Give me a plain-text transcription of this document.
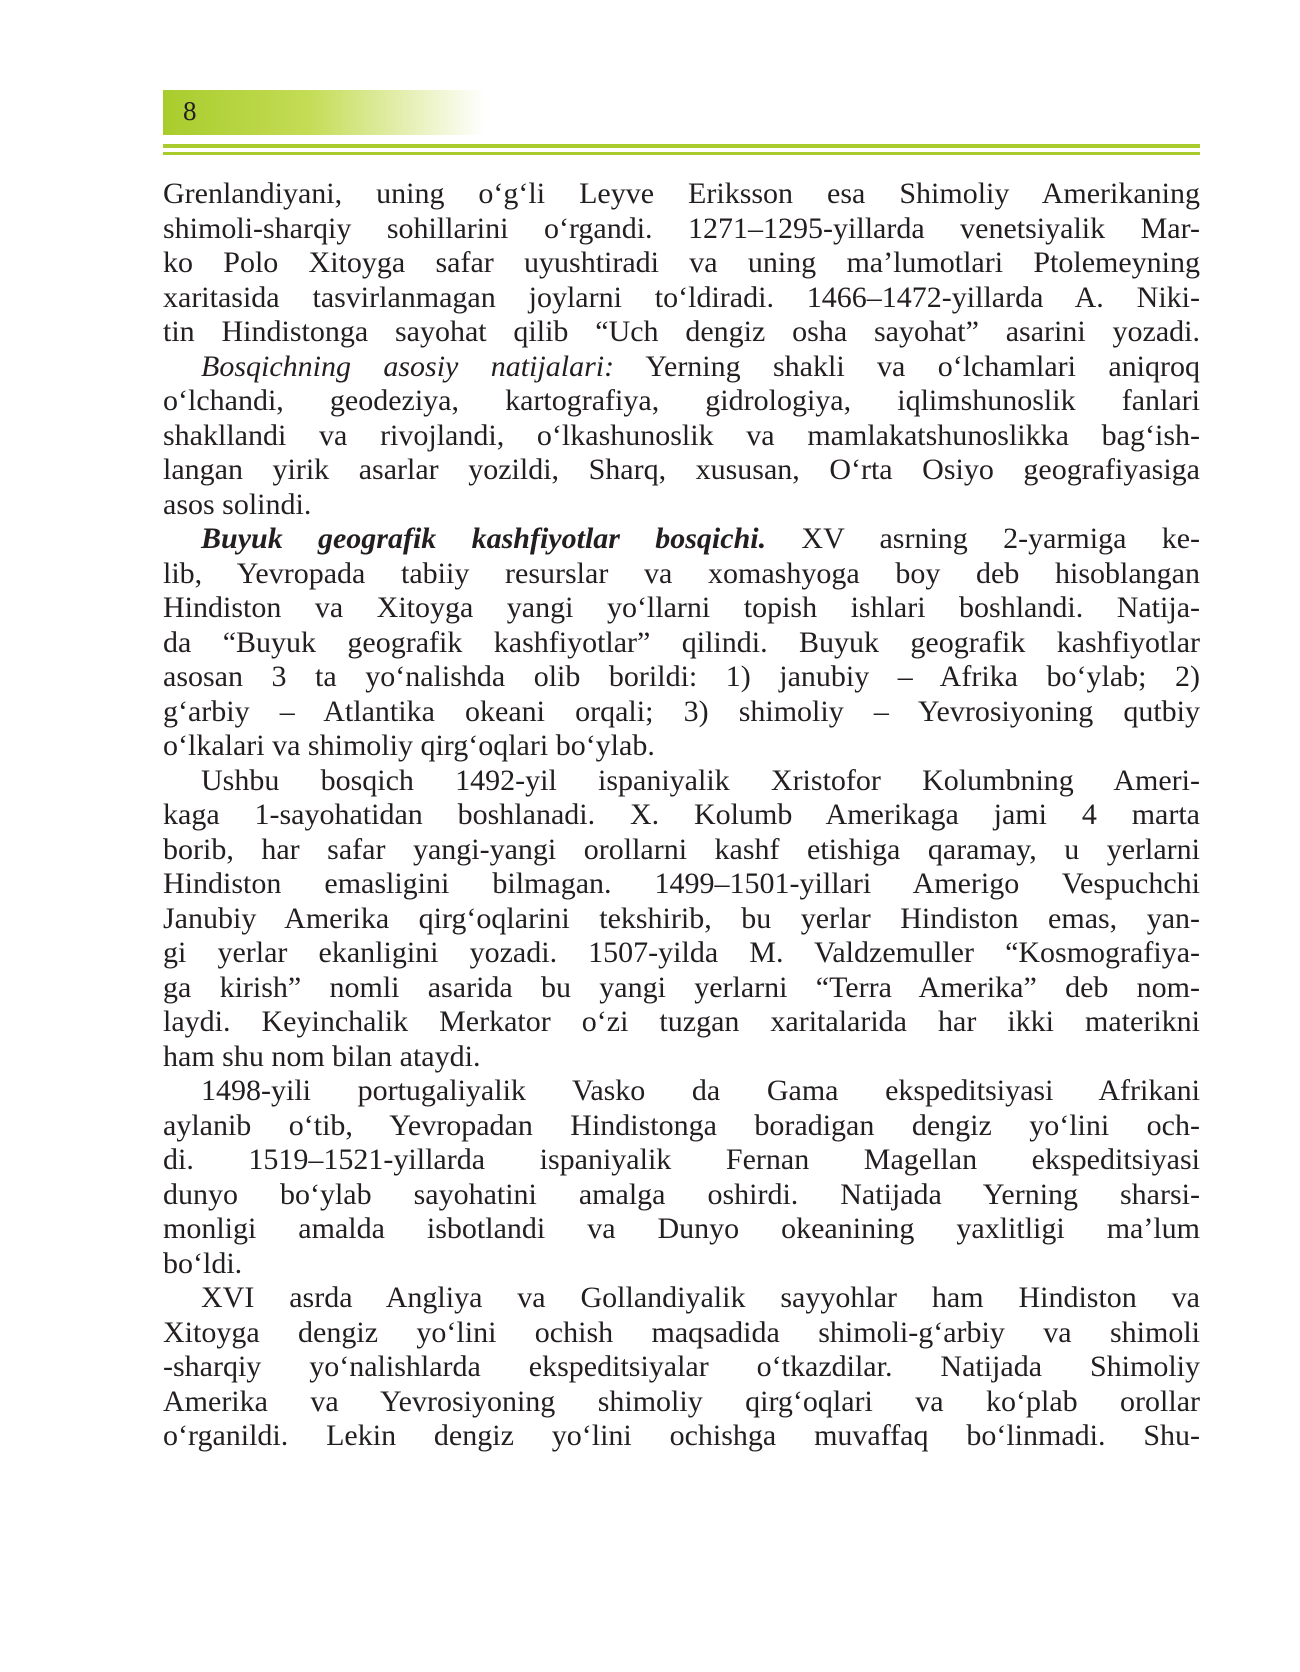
8
Grenlandiyani, uning o‘g‘li Leyve Eriksson esa Shimoliy Amerikaning
shimoli-sharqiy sohillarini o‘rgandi. 1271–1295-yillarda venetsiyalik Mar-
ko Polo Xitoyga safar uyushtiradi va uning ma’lumotlari Ptolemeyning
xaritasida tasvirlanmagan joylarni to‘ldiradi. 1466–1472-yillarda A. Niki-
tin Hindistonga sayohat qilib “Uch dengiz osha sayohat” asarini yozadi.
Bosqichning asosiy natijalari: Yerning shakli va o‘lchamlari aniqroq
o‘lchandi, geodeziya, kartografiya, gidrologiya, iqlimshunoslik fanlari
shakllandi va rivojlandi, o‘lkashunoslik va mamlakatshunoslikka bag‘ish-
langan yirik asarlar yozildi, Sharq, xususan, O‘rta Osiyo geografiyasiga
asos solindi.
Buyuk geografik kashfiyotlar bosqichi. XV asrning 2-yarmiga ke-
lib, Yevropada tabiiy resurslar va xomashyoga boy deb hisoblangan
Hindiston va Xitoyga yangi yo‘llarni topish ishlari boshlandi. Natija-
da “Buyuk geografik kashfiyotlar” qilindi. Buyuk geografik kashfiyotlar
asosan 3 ta yo‘nalishda olib borildi: 1) janubiy – Afrika bo‘ylab; 2)
g‘arbiy – Atlantika okeani orqali; 3) shimoliy – Yevrosiyoning qutbiy
o‘lkalari va shimoliy qirg‘oqlari bo‘ylab.
Ushbu bosqich 1492-yil ispaniyalik Xristofor Kolumbning Ameri-
kaga 1-sayohatidan boshlanadi. X. Kolumb Amerikaga jami 4 marta
borib, har safar yangi-yangi orollarni kashf etishiga qaramay, u yerlarni
Hindiston emasligini bilmagan. 1499–1501-yillari Amerigo Vespuchchi
Janubiy Amerika qirg‘oqlarini tekshirib, bu yerlar Hindiston emas, yan-
gi yerlar ekanligini yozadi. 1507-yilda M. Valdzemuller “Kosmografiya-
ga kirish” nomli asarida bu yangi yerlarni “Terra Amerika” deb nom-
laydi. Keyinchalik Merkator o‘zi tuzgan xaritalarida har ikki materikni
ham shu nom bilan ataydi.
1498-yili portugaliyalik Vasko da Gama ekspeditsiyasi Afrikani
aylanib o‘tib, Yevropadan Hindistonga boradigan dengiz yo‘lini och-
di. 1519–1521-yillarda ispaniyalik Fernan Magellan ekspeditsiyasi
dunyo bo‘ylab sayohatini amalga oshirdi. Natijada Yerning sharsi-
monligi amalda isbotlandi va Dunyo okeanining yaxlitligi ma’lum
bo‘ldi.
XVI asrda Angliya va Gollandiyalik sayyohlar ham Hindiston va
Xitoyga dengiz yo‘lini ochish maqsadida shimoli-g‘arbiy va shimoli
-sharqiy yo‘nalishlarda ekspeditsiyalar o‘tkazdilar. Natijada Shimoliy
Amerika va Yevrosiyoning shimoliy qirg‘oqlari va ko‘plab orollar
o‘rganildi. Lekin dengiz yo‘lini ochishga muvaffaq bo‘linmadi. Shu-
